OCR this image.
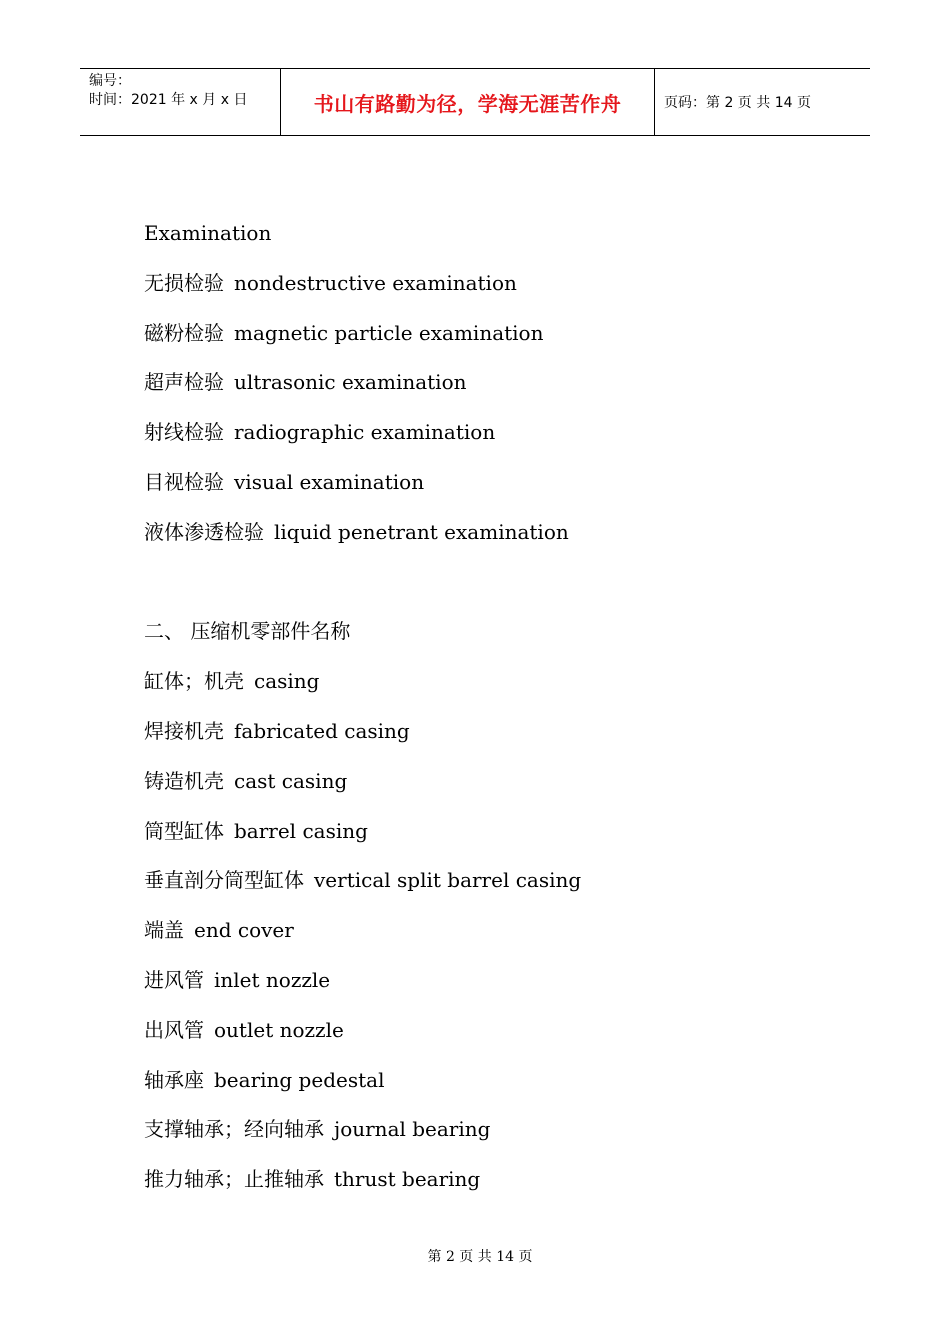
编号：
时间：2021 年 x 月 x 日	书山有路勤为径，学海无涯苦作舟	页码：第 2 页 共 14 页
Examination
无损检验 nondestructive examination
磁粉检验 magnetic particle examination
超声检验 ultrasonic examination
射线检验 radiographic examination
目视检验 visual examination
液体渗透检验 liquid penetrant examination
二、 压缩机零部件名称
缸体；机壳 casing
焊接机壳 fabricated casing
铸造机壳 cast casing
筒型缸体 barrel casing
垂直剖分筒型缸体 vertical split barrel casing
端盖 end cover
进风管 inlet nozzle
出风管 outlet nozzle
轴承座 bearing pedestal
支撑轴承；经向轴承 journal bearing
推力轴承；止推轴承 thrust bearing
第 2 页 共 14 页
